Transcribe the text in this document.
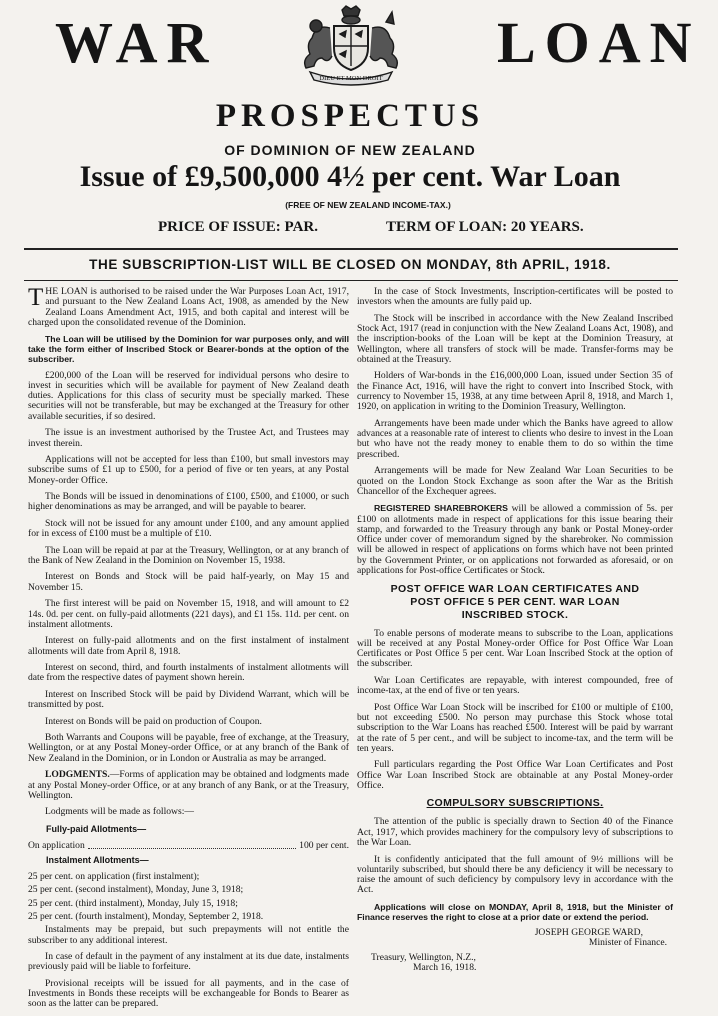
WAR
DIEU ET MON DROIT
LOAN
PROSPECTUS
OF DOMINION OF NEW ZEALAND
Issue of £9,500,000 4½ per cent. War Loan
(FREE OF NEW ZEALAND INCOME-TAX.)
PRICE OF ISSUE: PAR.	TERM OF LOAN: 20 YEARS.
THE SUBSCRIPTION-LIST WILL BE CLOSED ON MONDAY, 8th APRIL, 1918.

THE LOAN is authorised to be raised under the War Purposes Loan Act, 1917, and pursuant to the New Zealand Loans Act, 1908, as amended by the New Zealand Loans Amendment Act, 1915, and both capital and interest will be charged upon the consolidated revenue of the Dominion.

The Loan will be utilised by the Dominion for war purposes only, and will take the form either of Inscribed Stock or Bearer-bonds at the option of the subscriber.

£200,000 of the Loan will be reserved for individual persons who desire to invest in securities which will be available for payment of New Zealand death duties. Applications for this class of security must be specially marked. These securities will not be transferable, but may be exchanged at the Treasury for other available securities, if so desired.

The issue is an investment authorised by the Trustee Act, and Trustees may invest therein.

Applications will not be accepted for less than £100, but small investors may subscribe sums of £1 up to £500, for a period of five or ten years, at any Postal Money-order Office.

The Bonds will be issued in denominations of £100, £500, and £1000, or such higher denominations as may be arranged, and will be payable to bearer.

Stock will not be issued for any amount under £100, and any amount applied for in excess of £100 must be a multiple of £10.

The Loan will be repaid at par at the Treasury, Wellington, or at any branch of the Bank of New Zealand in the Dominion on November 15, 1938.

Interest on Bonds and Stock will be paid half-yearly, on May 15 and November 15.

The first interest will be paid on November 15, 1918, and will amount to £2 14s. 0d. per cent. on fully-paid allotments (221 days), and £1 15s. 11d. per cent. on instalment allotments.

Interest on fully-paid allotments and on the first instalment of instalment allotments will date from April 8, 1918.

Interest on second, third, and fourth instalments of instalment allotments will date from the respective dates of payment shown herein.

Interest on Inscribed Stock will be paid by Dividend Warrant, which will be transmitted by post.

Interest on Bonds will be paid on production of Coupon.

Both Warrants and Coupons will be payable, free of exchange, at the Treasury, Wellington, or at any Postal Money-order Office, or at any branch of the Bank of New Zealand in the Dominion, or in London or Australia as may be arranged.

LODGMENTS.—Forms of application may be obtained and lodgments made at any Postal Money-order Office, or at any branch of any Bank, or at the Treasury, Wellington.

Lodgments will be made as follows:—

Fully-paid Allotments—

On application	100 per cent.

Instalment Allotments—

25 per cent. on application (first instalment);

25 per cent. (second instalment), Monday, June 3, 1918;

25 per cent. (third instalment), Monday, July 15, 1918;

25 per cent. (fourth instalment), Monday, September 2, 1918.

Instalments may be prepaid, but such prepayments will not entitle the subscriber to any additional interest.

In case of default in the payment of any instalment at its due date, instalments previously paid will be liable to forfeiture.

Provisional receipts will be issued for all payments, and in the case of Investments in Bonds these receipts will be exchangeable for Bonds to Bearer as soon as the latter can be prepared.

In the case of Stock Investments, Inscription-certificates will be posted to investors when the amounts are fully paid up.

The Stock will be inscribed in accordance with the New Zealand Inscribed Stock Act, 1917 (read in conjunction with the New Zealand Loans Act, 1908), and the inscription-books of the Loan will be kept at the Dominion Treasury, at Wellington, where all transfers of stock will be made. Transfer-forms may be obtained at the Treasury.

Holders of War-bonds in the £16,000,000 Loan, issued under Section 35 of the Finance Act, 1916, will have the right to convert into Inscribed Stock, with currency to November 15, 1938, at any time between April 8, 1918, and March 1, 1920, on application in writing to the Dominion Treasury, Wellington.

Arrangements have been made under which the Banks have agreed to allow advances at a reasonable rate of interest to clients who desire to invest in the Loan but who have not the ready money to enable them to do so within the time prescribed.

Arrangements will be made for New Zealand War Loan Securities to be quoted on the London Stock Exchange as soon after the War as the British Chancellor of the Exchequer agrees.

REGISTERED SHAREBROKERS will be allowed a commission of 5s. per £100 on allotments made in respect of applications for this issue bearing their stamp, and forwarded to the Treasury through any bank or Postal Money-order Office under cover of memorandum signed by the sharebroker. No commission will be allowed in respect of applications on forms which have not been printed by the Government Printer, or on applications not forwarded as aforesaid, or on applications for Post-office Certificates or Stock.

POST OFFICE WAR LOAN CERTIFICATES AND
POST OFFICE 5 PER CENT. WAR LOAN
INSCRIBED STOCK.

To enable persons of moderate means to subscribe to the Loan, applications will be received at any Postal Money-order Office for Post Office War Loan Certificates or Post Office 5 per cent. War Loan Inscribed Stock at the option of the subscriber.

War Loan Certificates are repayable, with interest compounded, free of income-tax, at the end of five or ten years.

Post Office War Loan Stock will be inscribed for £100 or multiple of £100, but not exceeding £500. No person may purchase this Stock whose total subscription to the War Loans has reached £500. Interest will be paid by warrant at the rate of 5 per cent., and will be subject to income-tax, and the term will be ten years.

Full particulars regarding the Post Office War Loan Certificates and Post Office War Loan Inscribed Stock are obtainable at any Postal Money-order Office.

COMPULSORY SUBSCRIPTIONS.

The attention of the public is specially drawn to Section 40 of the Finance Act, 1917, which provides machinery for the compulsory levy of subscriptions to the War Loan.

It is confidently anticipated that the full amount of 9½ millions will be voluntarily subscribed, but should there be any deficiency it will be necessary to raise the amount of such deficiency by compulsory levy in accordance with the Act.

Applications will close on MONDAY, April 8, 1918, but the Minister of Finance reserves the right to close at a prior date or extend the period.

JOSEPH GEORGE WARD,

Minister of Finance.

Treasury, Wellington, N.Z.,

March 16, 1918.
